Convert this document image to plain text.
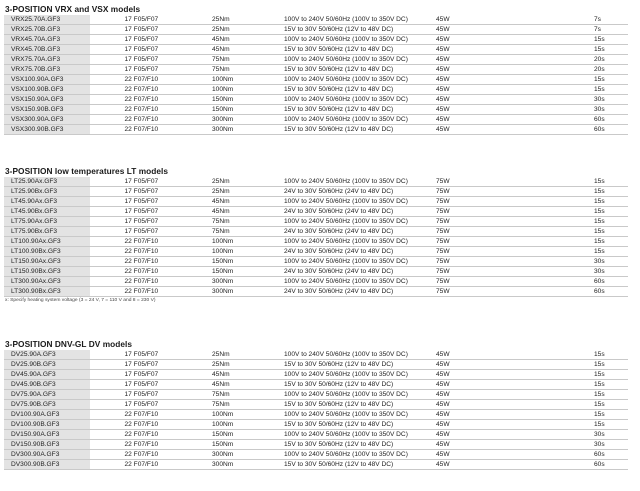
3-POSITION VRX and VSX models
VRX25.70A.GF3	17 F05/F07	25Nm	100V to 240V 50/60Hz (100V to 350V DC)	45W	7s
VRX25.70B.GF3	17 F05/F07	25Nm	15V to 30V 50/60Hz (12V to 48V DC)	45W	7s
VRX45.70A.GF3	17 F05/F07	45Nm	100V to 240V 50/60Hz (100V to 350V DC)	45W	15s
VRX45.70B.GF3	17 F05/F07	45Nm	15V to 30V 50/60Hz (12V to 48V DC)	45W	15s
VRX75.70A.GF3	17 F05/F07	75Nm	100V to 240V 50/60Hz (100V to 350V DC)	45W	20s
VRX75.70B.GF3	17 F05/F07	75Nm	15V to 30V 50/60Hz (12V to 48V DC)	45W	20s
VSX100.90A.GF3	22 F07/F10	100Nm	100V to 240V 50/60Hz (100V to 350V DC)	45W	15s
VSX100.90B.GF3	22 F07/F10	100Nm	15V to 30V 50/60Hz (12V to 48V DC)	45W	15s
VSX150.90A.GF3	22 F07/F10	150Nm	100V to 240V 50/60Hz (100V to 350V DC)	45W	30s
VSX150.90B.GF3	22 F07/F10	150Nm	15V to 30V 50/60Hz (12V to 48V DC)	45W	30s
VSX300.90A.GF3	22 F07/F10	300Nm	100V to 240V 50/60Hz (100V to 350V DC)	45W	60s
VSX300.90B.GF3	22 F07/F10	300Nm	15V to 30V 50/60Hz (12V to 48V DC)	45W	60s
3-POSITION low temperatures LT models
LT25.90Ax.GF3	17 F05/F07	25Nm	100V to 240V 50/60Hz (100V to 350V DC)	75W	15s
LT25.90Bx.GF3	17 F05/F07	25Nm	24V to 30V 50/60Hz (24V to 48V DC)	75W	15s
LT45.90Ax.GF3	17 F05/F07	45Nm	100V to 240V 50/60Hz (100V to 350V DC)	75W	15s
LT45.90Bx.GF3	17 F05/F07	45Nm	24V to 30V 50/60Hz (24V to 48V DC)	75W	15s
LT75.90Ax.GF3	17 F05/F07	75Nm	100V to 240V 50/60Hz (100V to 350V DC)	75W	15s
LT75.90Bx.GF3	17 F05/F07	75Nm	24V to 30V 50/60Hz (24V to 48V DC)	75W	15s
LT100.90Ax.GF3	22 F07/F10	100Nm	100V to 240V 50/60Hz (100V to 350V DC)	75W	15s
LT100.90Bx.GF3	22 F07/F10	100Nm	24V to 30V 50/60Hz (24V to 48V DC)	75W	15s
LT150.90Ax.GF3	22 F07/F10	150Nm	100V to 240V 50/60Hz (100V to 350V DC)	75W	30s
LT150.90Bx.GF3	22 F07/F10	150Nm	24V to 30V 50/60Hz (24V to 48V DC)	75W	30s
LT300.90Ax.GF3	22 F07/F10	300Nm	100V to 240V 50/60Hz (100V to 350V DC)	75W	60s
LT300.90Bx.GF3	22 F07/F10	300Nm	24V to 30V 50/60Hz (24V to 48V DC)	75W	60s
x: Specify heating system voltage (3 = 24 V, 7 = 110 V and 8 = 230 V)
3-POSITION DNV-GL DV models
DV25.90A.GF3	17 F05/F07	25Nm	100V to 240V 50/60Hz (100V to 350V DC)	45W	15s
DV25.90B.GF3	17 F05/F07	25Nm	15V to 30V 50/60Hz (12V to 48V DC)	45W	15s
DV45.90A.GF3	17 F05/F07	45Nm	100V to 240V 50/60Hz (100V to 350V DC)	45W	15s
DV45.90B.GF3	17 F05/F07	45Nm	15V to 30V 50/60Hz (12V to 48V DC)	45W	15s
DV75.90A.GF3	17 F05/F07	75Nm	100V to 240V 50/60Hz (100V to 350V DC)	45W	15s
DV75.90B.GF3	17 F05/F07	75Nm	15V to 30V 50/60Hz (12V to 48V DC)	45W	15s
DV100.90A.GF3	22 F07/F10	100Nm	100V to 240V 50/60Hz (100V to 350V DC)	45W	15s
DV100.90B.GF3	22 F07/F10	100Nm	15V to 30V 50/60Hz (12V to 48V DC)	45W	15s
DV150.90A.GF3	22 F07/F10	150Nm	100V to 240V 50/60Hz (100V to 350V DC)	45W	30s
DV150.90B.GF3	22 F07/F10	150Nm	15V to 30V 50/60Hz (12V to 48V DC)	45W	30s
DV300.90A.GF3	22 F07/F10	300Nm	100V to 240V 50/60Hz (100V to 350V DC)	45W	60s
DV300.90B.GF3	22 F07/F10	300Nm	15V to 30V 50/60Hz (12V to 48V DC)	45W	60s
